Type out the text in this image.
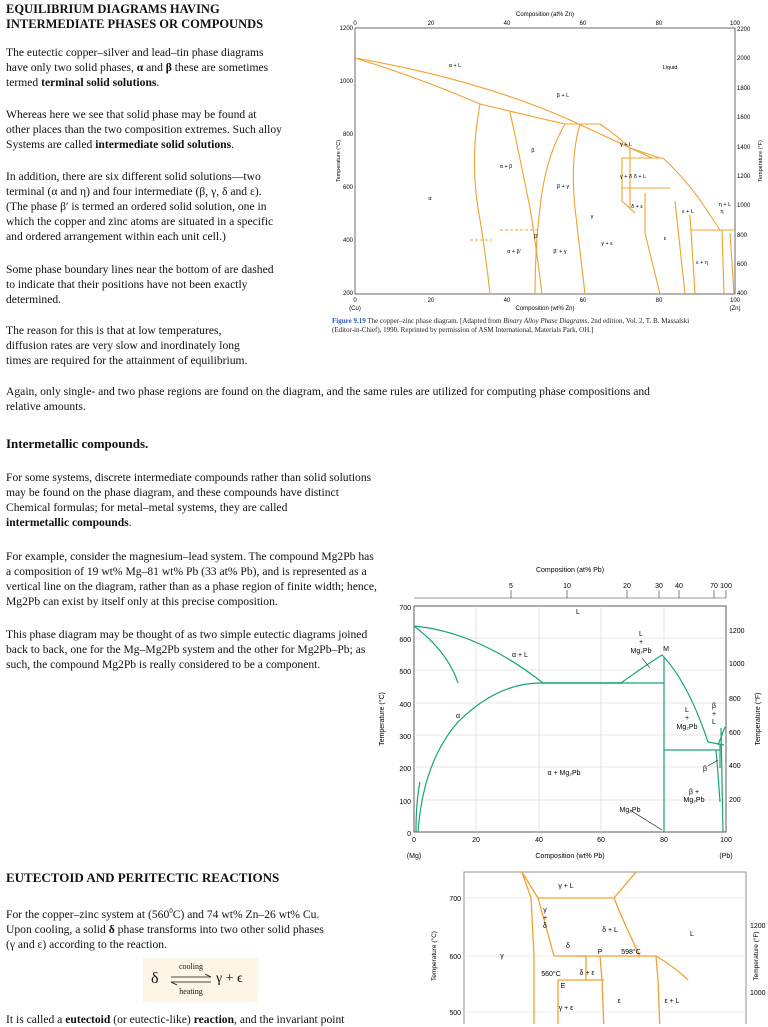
EQUILIBRIUM DIAGRAMS HAVING
INTERMEDIATE PHASES OR COMPOUNDS
The eutectic copper–silver and lead–tin phase diagrams
have only two solid phases, α and β these are sometimes
termed terminal solid solutions.
Whereas here we see that solid phase may be found at
other places than the two composition extremes. Such alloy
Systems are called intermediate solid solutions.
In addition, there are six different solid solutions—two
terminal (α and η) and four intermediate (β, γ, δ and ε).
(The phase β′ is termed an ordered solid solution, one in
which the copper and zinc atoms are situated in a specific
and ordered arrangement within each unit cell.)
Some phase boundary lines near the bottom of are dashed
to indicate that their positions have not been exactly
determined.
The reason for this is that at low temperatures,
diffusion rates are very slow and inordinately long
times are required for the attainment of equilibrium.
Again, only single- and two phase regions are found on the diagram, and the same rules are utilized for computing phase compositions and
relative amounts.
Composition (at% Zn)
0	20	40	60	80	100
1200
1000
800
600
400
200
Temperature (°C)
2200
2000
1800
1600
1400
1200
1000
800
600
400
Temperature (°F)
0	20	40	60	80	100
(Cu)	(Zn)
Composition (wt% Zn)
α + L	Liquid
β + L
β
α
α + β
β + γ
γ
γ + δ δ + L
δ + ε
ε + L	η
γ + ε
ε
ε + η
α + β′	β′ + γ
β′
γ + L
η + L
Figure 9.19 The copper–zinc phase diagram. [Adapted from Binary Alloy Phase Diagrams, 2nd edition, Vol. 2, T. B. Massalski
(Editor-in-Chief), 1990. Reprinted by permission of ASM International, Materials Park, OH.]
Intermetallic compounds.
For some systems, discrete intermediate compounds rather than solid solutions
may be found on the phase diagram, and these compounds have distinct
Chemical formulas; for metal–metal systems, they are called
intermetallic compounds.
For example, consider the magnesium–lead system. The compound Mg2Pb has
a composition of 19 wt% Mg–81 wt% Pb (33 at% Pb), and is represented as a
vertical line on the diagram, rather than as a phase region of finite width; hence,
Mg2Pb can exist by itself only at this precise composition.
This phase diagram may be thought of as two simple eutectic diagrams joined
back to back, one for the Mg–Mg2Pb system and the other for Mg2Pb–Pb; as
such, the compound Mg2Pb is really considered to be a component.
Composition (at% Pb)
5	10	20	30 40	70 100
700
600
500
400
300
200
100
0
Temperature (°C)
1200
1000
800
600
400
200
Temperature (°F)
0	20	40	60	80	100
(Mg)	(Pb)
Composition (wt% Pb)
L
L
+
Mg₂Pb M
α + L
α
α + Mg₂Pb
L
+
Mg₂Pb
β
+
L
β
β +
Mg₂Pb
Mg₂Pb
EUTECTOID AND PERITECTIC REACTIONS
For the copper–zinc system at $(560^0C)$ and 74 wt% Zn–26 wt% Cu.
Upon cooling, a solid δ phase transforms into two other solid phases
(γ and ε) according to the reaction.
δ
cooling
heating
γ + ϵ
It is called a eutectoid (or eutectic-like) reaction, and the invariant point
700
600
500
Temperature (°C)
1200
1000
Temperature (°F)
γ + L
γ
+
δ
δ
δ + L
P	598°C
L
γ
560°C	δ + ε
E
γ + ε
ε	ε + L
